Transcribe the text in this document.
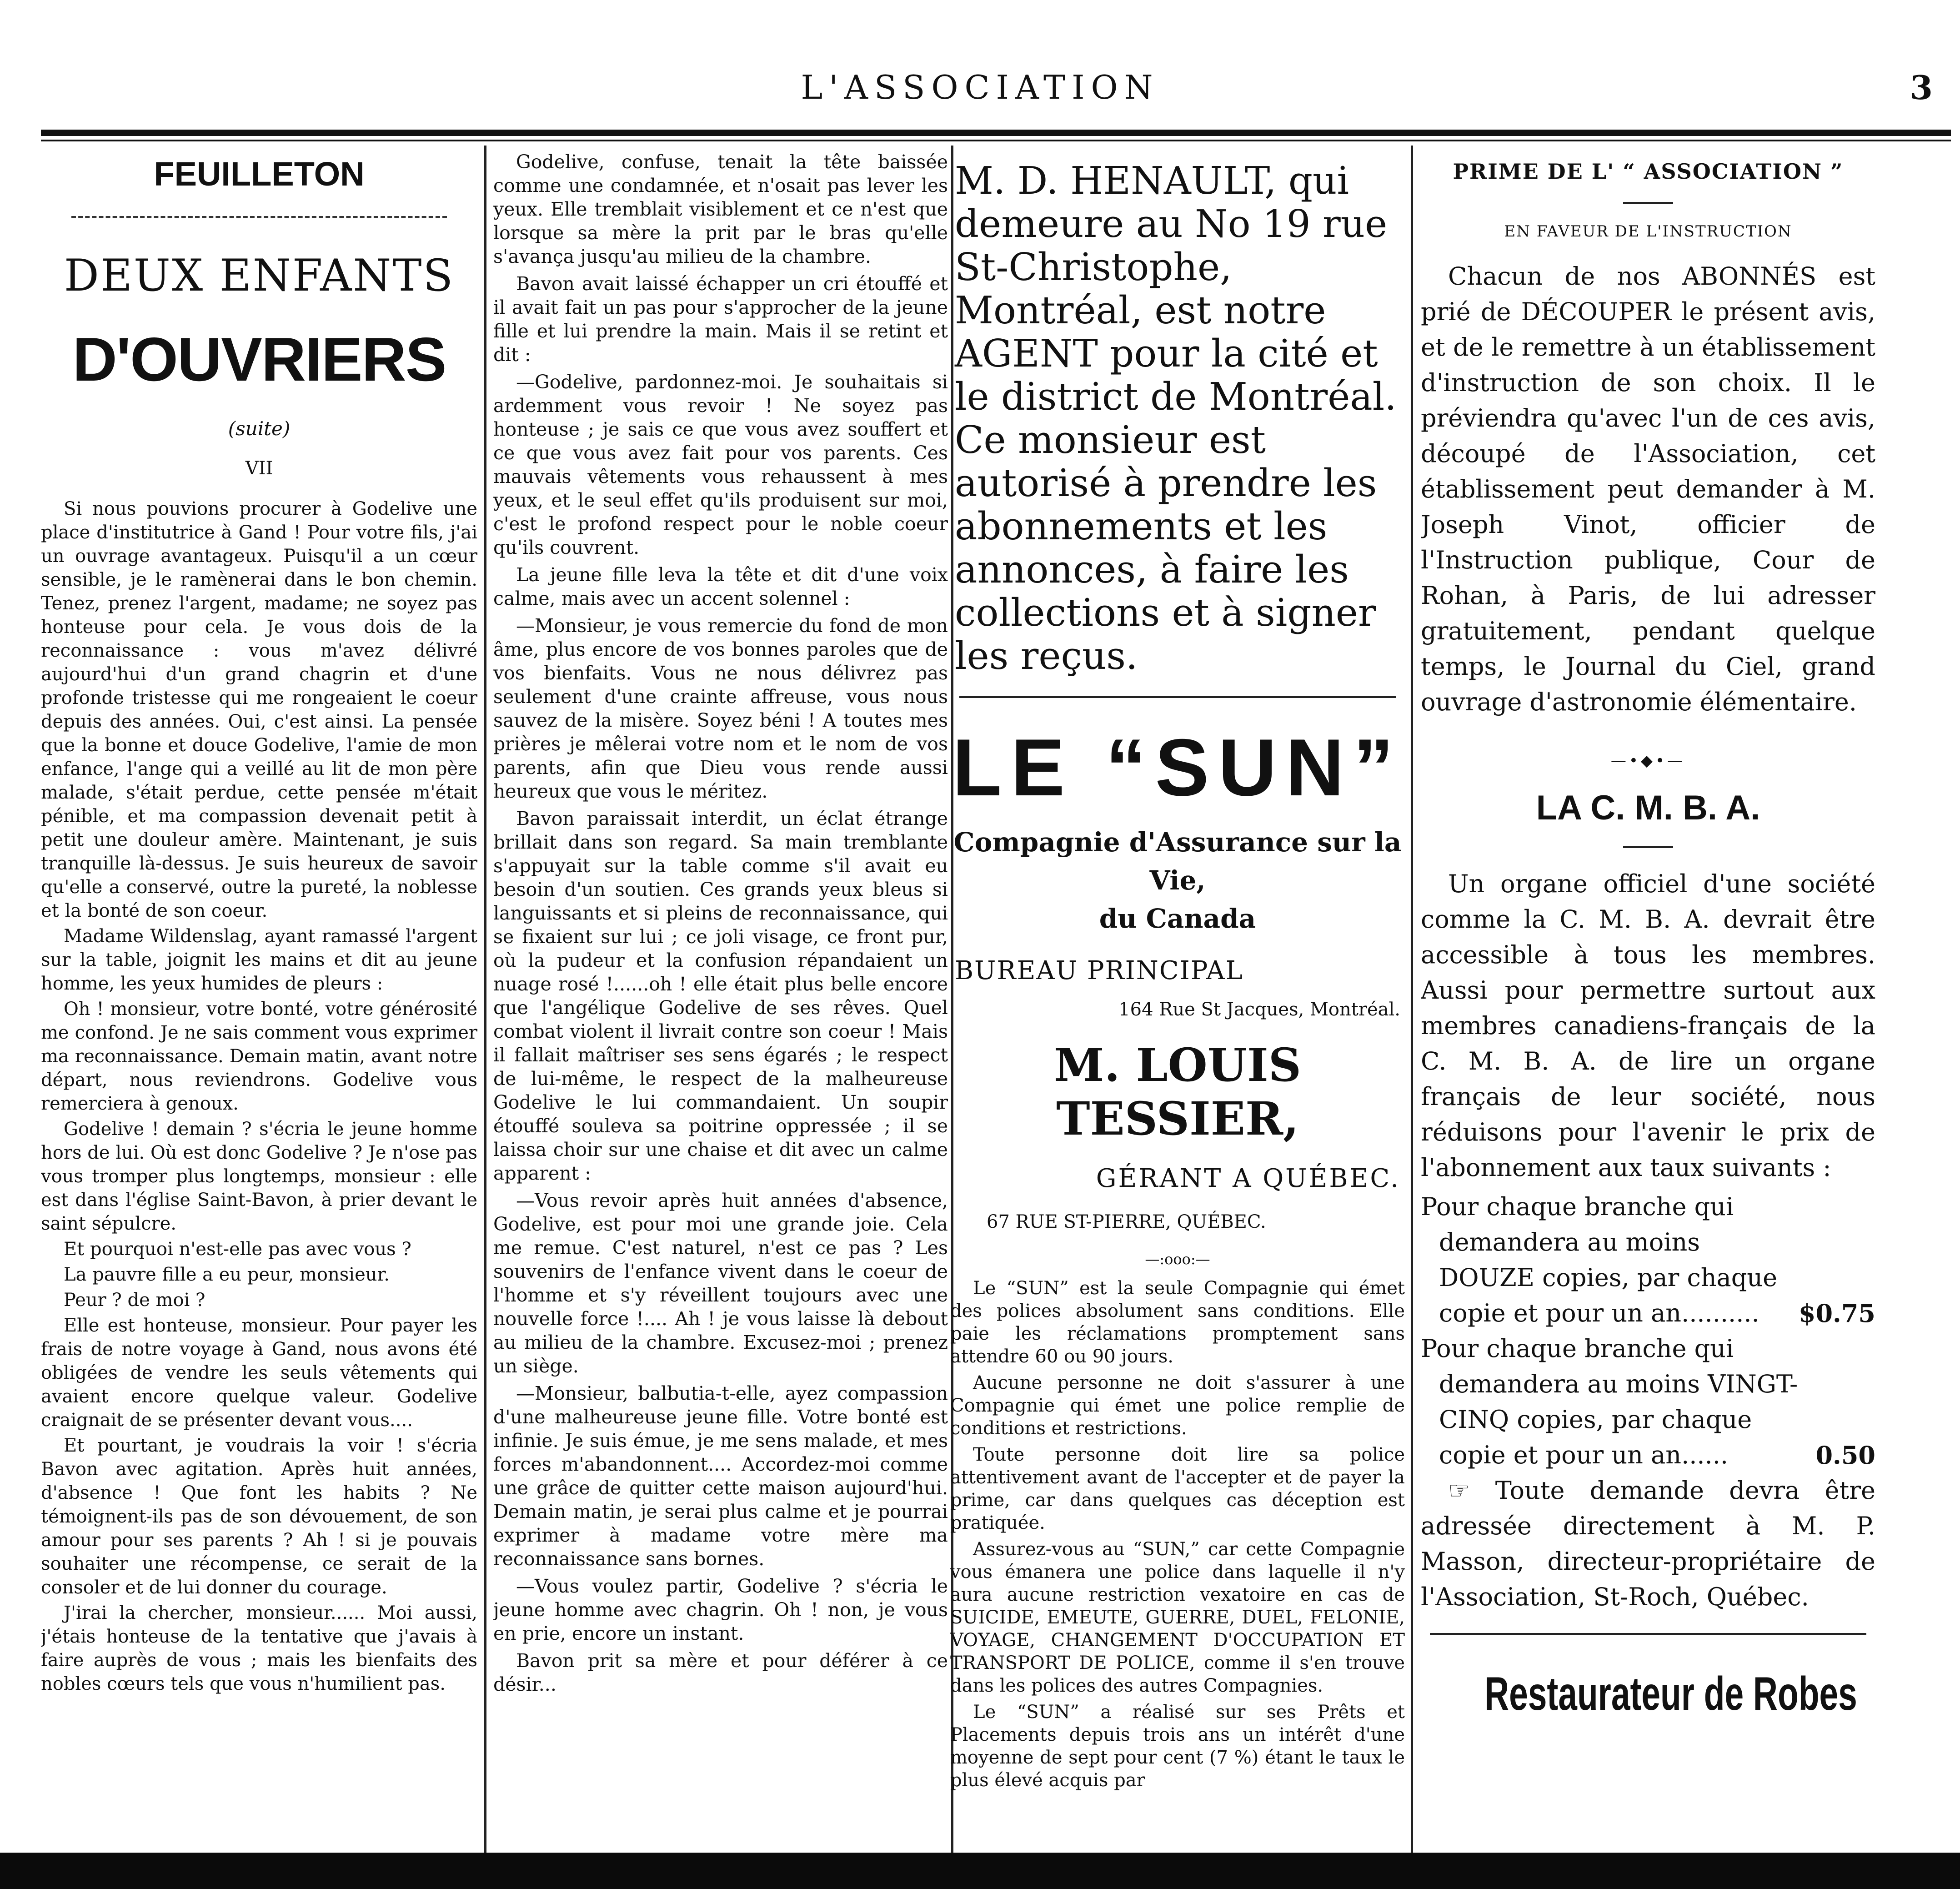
L'ASSOCIATION	3
FEUILLETON
DEUX ENFANTS
D'OUVRIERS
(suite)
VII

Si nous pouvions procurer à Godelive une place d'institutrice à Gand ! Pour votre fils, j'ai un ouvrage avantageux. Puisqu'il a un cœur sensible, je le ramènerai dans le bon chemin. Tenez, prenez l'argent, madame; ne soyez pas honteuse pour cela. Je vous dois de la reconnaissance : vous m'avez délivré aujourd'hui d'un grand chagrin et d'une profonde tristesse qui me rongeaient le coeur depuis des années. Oui, c'est ainsi. La pensée que la bonne et douce Godelive, l'amie de mon enfance, l'ange qui a veillé au lit de mon père malade, s'était perdue, cette pensée m'était pénible, et ma compassion devenait petit à petit une douleur amère. Maintenant, je suis tranquille là-dessus. Je suis heureux de savoir qu'elle a conservé, outre la pureté, la noblesse et la bonté de son coeur.

Madame Wildenslag, ayant ramassé l'argent sur la table, joignit les mains et dit au jeune homme, les yeux humides de pleurs :

Oh ! monsieur, votre bonté, votre générosité me confond. Je ne sais comment vous exprimer ma reconnaissance. Demain matin, avant notre départ, nous reviendrons. Godelive vous remerciera à genoux.

Godelive ! demain ? s'écria le jeune homme hors de lui. Où est donc Godelive ? Je n'ose pas vous tromper plus longtemps, monsieur : elle est dans l'église Saint-Bavon, à prier devant le saint sépulcre.

Et pourquoi n'est-elle pas avec vous ?

La pauvre fille a eu peur, monsieur.

Peur ? de moi ?

Elle est honteuse, monsieur. Pour payer les frais de notre voyage à Gand, nous avons été obligées de vendre les seuls vêtements qui avaient encore quelque valeur. Godelive craignait de se présenter devant vous....

Et pourtant, je voudrais la voir ! s'écria Bavon avec agitation. Après huit années, d'absence ! Que font les habits ? Ne témoignent-ils pas de son dévouement, de son amour pour ses parents ? Ah ! si je pouvais souhaiter une récompense, ce serait de la consoler et de lui donner du courage.

J'irai la chercher, monsieur...... Moi aussi, j'étais honteuse de la tentative que j'avais à faire auprès de vous ; mais les bienfaits des nobles cœurs tels que vous n'humilient pas.

Godelive, confuse, tenait la tête baissée comme une condamnée, et n'osait pas lever les yeux. Elle tremblait visiblement et ce n'est que lorsque sa mère la prit par le bras qu'elle s'avança jusqu'au milieu de la chambre.

Bavon avait laissé échapper un cri étouffé et il avait fait un pas pour s'approcher de la jeune fille et lui prendre la main. Mais il se retint et dit :

—Godelive, pardonnez-moi. Je souhaitais si ardemment vous revoir ! Ne soyez pas honteuse ; je sais ce que vous avez souffert et ce que vous avez fait pour vos parents. Ces mauvais vêtements vous rehaussent à mes yeux, et le seul effet qu'ils produisent sur moi, c'est le profond respect pour le noble coeur qu'ils couvrent.

La jeune fille leva la tête et dit d'une voix calme, mais avec un accent solennel :

—Monsieur, je vous remercie du fond de mon âme, plus encore de vos bonnes paroles que de vos bienfaits. Vous ne nous délivrez pas seulement d'une crainte affreuse, vous nous sauvez de la misère. Soyez béni ! A toutes mes prières je mêlerai votre nom et le nom de vos parents, afin que Dieu vous rende aussi heureux que vous le méritez.

Bavon paraissait interdit, un éclat étrange brillait dans son regard. Sa main tremblante s'appuyait sur la table comme s'il avait eu besoin d'un soutien. Ces grands yeux bleus si languissants et si pleins de reconnaissance, qui se fixaient sur lui ; ce joli visage, ce front pur, où la pudeur et la confusion répandaient un nuage rosé !......oh ! elle était plus belle encore que l'angélique Godelive de ses rêves. Quel combat violent il livrait contre son coeur ! Mais il fallait maîtriser ses sens égarés ; le respect de lui-même, le respect de la malheureuse Godelive le lui commandaient. Un soupir étouffé souleva sa poitrine oppressée ; il se laissa choir sur une chaise et dit avec un calme apparent :

—Vous revoir après huit années d'absence, Godelive, est pour moi une grande joie. Cela me remue. C'est naturel, n'est ce pas ? Les souvenirs de l'enfance vivent dans le coeur de l'homme et s'y réveillent toujours avec une nouvelle force !.... Ah ! je vous laisse là debout au milieu de la chambre. Excusez-moi ; prenez un siège.

—Monsieur, balbutia-t-elle, ayez compassion d'une malheureuse jeune fille. Votre bonté est infinie. Je suis émue, je me sens malade, et mes forces m'abandonnent.... Accordez-moi comme une grâce de quitter cette maison aujourd'hui. Demain matin, je serai plus calme et je pourrai exprimer à madame votre mère ma reconnaissance sans bornes.

—Vous voulez partir, Godelive ? s'écria le jeune homme avec chagrin. Oh ! non, je vous en prie, encore un instant.

Bavon prit sa mère et pour déférer à ce désir...

M. D. HENAULT, qui demeure au No 19 rue St-Christophe, Montréal, est notre AGENT pour la cité et le district de Montréal. Ce monsieur est autorisé à prendre les abonnements et les annonces, à faire les collections et à signer les reçus.
LE “SUN”
Compagnie d'Assurance sur la Vie,
du Canada
BUREAU PRINCIPAL
164 Rue St Jacques, Montréal.
M. LOUIS TESSIER,
GÉRANT A QUÉBEC.
67 RUE ST-PIERRE, QUÉBEC.
—:ooo:—

Le “SUN” est la seule Compagnie qui émet des polices absolument sans conditions. Elle paie les réclamations promptement sans attendre 60 ou 90 jours.

Aucune personne ne doit s'assurer à une Compagnie qui émet une police remplie de conditions et restrictions.

Toute personne doit lire sa police attentivement avant de l'accepter et de payer la prime, car dans quelques cas déception est pratiquée.

Assurez-vous au “SUN,” car cette Compagnie vous émanera une police dans laquelle il n'y aura aucune restriction vexatoire en cas de SUICIDE, EMEUTE, GUERRE, DUEL, FELONIE, VOYAGE, CHANGEMENT D'OCCUPATION ET TRANSPORT DE POLICE, comme il s'en trouve dans les polices des autres Compagnies.

Le “SUN” a réalisé sur ses Prêts et Placements depuis trois ans un intérêt d'une moyenne de sept pour cent (7 %) étant le taux le plus élevé acquis par

PRIME DE L' “ ASSOCIATION ”
EN FAVEUR DE L'INSTRUCTION

Chacun de nos ABONNÉS est prié de DÉCOUPER le présent avis, et de le remettre à un établissement d'instruction de son choix. Il le préviendra qu'avec l'un de ces avis, découpé de l'Association, cet établissement peut demander à M. Joseph Vinot, officier de l'Instruction publique, Cour de Rohan, à Paris, de lui adresser gratuitement, pendant quelque temps, le Journal du Ciel, grand ouvrage d'astronomie élémentaire.

—•◆•—
LA C. M. B. A.

Un organe officiel d'une société comme la C. M. B. A. devrait être accessible à tous les membres. Aussi pour permettre surtout aux membres canadiens-français de la C. M. B. A. de lire un organe français de leur société, nous réduisons pour l'avenir le prix de l'abonnement aux taux suivants :

Pour chaque branche qui demandera au moins DOUZE copies, par chaque copie et pour un an.......... $0.75
Pour chaque branche qui demandera au moins VINGT-CINQ copies, par chaque copie et pour un an......	0.50

☞ Toute demande devra être adressée directement à M. P. Masson, directeur-propriétaire de l'Association, St-Roch, Québec.

Restaurateur de Robes
